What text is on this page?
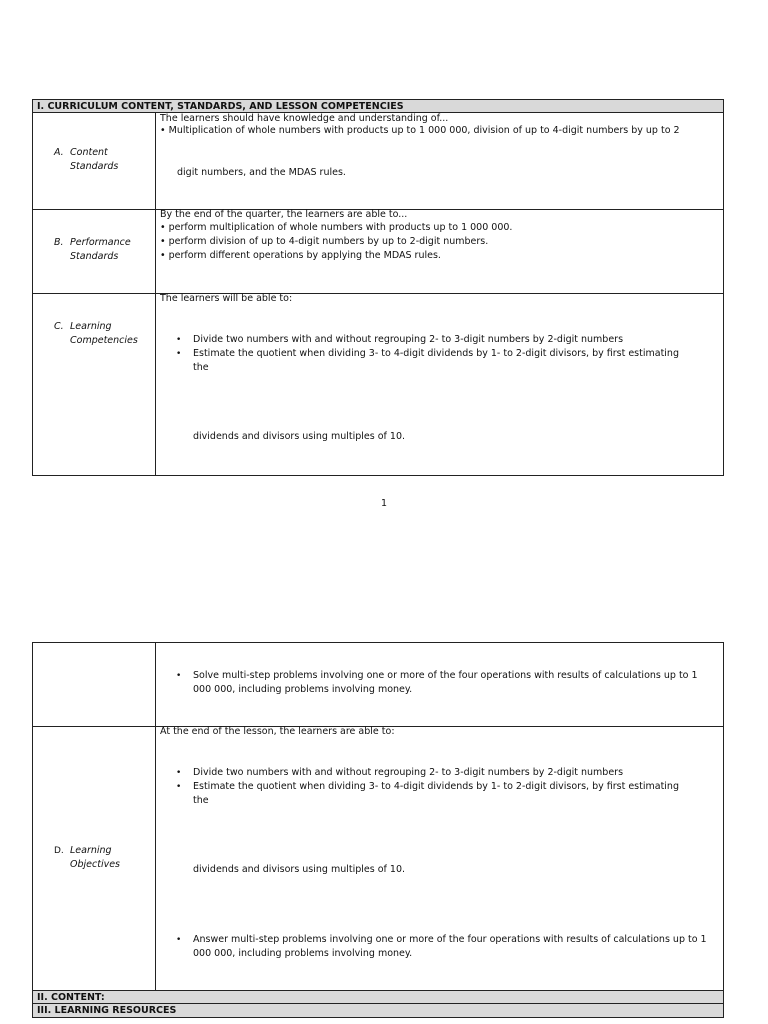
I. CURRICULUM CONTENT, STANDARDS, AND LESSON COMPETENCIES
A. Content
Standards
The learners should have knowledge and understanding of...
• Multiplication of whole numbers with products up to 1 000 000, division of up to 4-digit numbers by up to 2
digit numbers, and the MDAS rules.
B. Performance
Standards
By the end of the quarter, the learners are able to...
• perform multiplication of whole numbers with products up to 1 000 000.
• perform division of up to 4-digit numbers by up to 2-digit numbers.
• perform different operations by applying the MDAS rules.
C. Learning
Competencies
The learners will be able to:
• Divide two numbers with and without regrouping 2- to 3-digit numbers by 2-digit numbers
• Estimate the quotient when dividing 3- to 4-digit dividends by 1- to 2-digit divisors, by first estimating
the
dividends and divisors using multiples of 10.
1
• Solve multi-step problems involving one or more of the four operations with results of calculations up to 1 000 000, including problems involving money.
D. Learning
Objectives
At the end of the lesson, the learners are able to:
• Divide two numbers with and without regrouping 2- to 3-digit numbers by 2-digit numbers
• Estimate the quotient when dividing 3- to 4-digit dividends by 1- to 2-digit divisors, by first estimating
the
dividends and divisors using multiples of 10.
• Answer multi-step problems involving one or more of the four operations with results of calculations up to 1 000 000, including problems involving money.
II. CONTENT:
III. LEARNING RESOURCES
